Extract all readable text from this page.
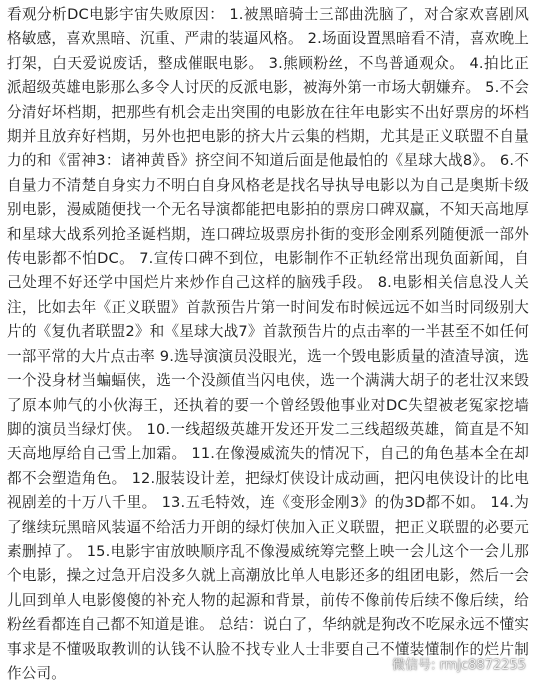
看观分析DC电影宇宙失败原因： 1.被黑暗骑士三部曲洗脑了，对合家欢喜剧风格敏感，喜欢黑暗、沉重、严肃的装逼风格。 2.场面设置黑暗看不清，喜欢晚上打架，白天爱说废话，整成催眠电影。 3.熊顾粉丝，不鸟普通观众。 4.拍比正派超级英雄电影那么多令人讨厌的反派电影，被海外第一市场大朝嫌弃。 5.不会分清好坏档期，把那些有机会走出突围的电影放在往年电影实不出好票房的坏档期并且放弃好档期，另外也把电影的挤大片云集的档期，尤其是正义联盟不自量力的和《雷神3：诸神黄昏》挤空间不知道后面是他最怕的《星球大战8》。 6.不自量力不清楚自身实力不明白自身风格老是找名导执导电影以为自己是奥斯卡级别电影，漫威随便找一个无名导演都能把电影拍的票房口碑双赢，不知天高地厚和星球大战系列抢圣诞档期，连口碑垃圾票房扑街的变形金刚系列随便派一部外传电影都不怕DC。 7.宣传口碑不到位，电影制作不正轨经常出现负面新闻，自己处理不好还学中国烂片来炒作自己这样的脑残手段。 8.电影相关信息没人关注，比如去年《正义联盟》首款预告片第一时间发布时候远远不如当时同级别大片的《复仇者联盟2》和《星球大战7》首款预告片的点击率的一半甚至不如任何一部平常的大片点击率 9.选导演演员没眼光，选一个毁电影质量的渣渣导演，选一个没身材当蝙蝠侠，选一个没颜值当闪电侠，选一个满满大胡子的老壮汉来毁了原本帅气的小伙海王，还执着的要一个曾经毁他事业对DC失望被老冤家挖墙脚的演员当绿灯侠。 10.一线超级英雄开发还开发二三线超级英雄，简直是不知天高地厚给自己雪上加霜。 11.在像漫威流失的情况下，自己的角色基本全在却都不会塑造角色。 12.服装设计差，把绿灯侠设计成动画，把闪电侠设计的比电视剧差的十万八千里。 13.五毛特效，连《变形金刚3》的伪3D都不如。 14.为了继续玩黑暗风装逼不给活力开朗的绿灯侠加入正义联盟，把正义联盟的必要元素删掉了。 15.电影宇宙放映顺序乱不像漫威统筹完整上映一会儿这个一会儿那个电影，操之过急开启没多久就上高潮放比单人电影还多的组团电影，然后一会儿回到单人电影傻傻的补充人物的起源和背景，前传不像前传后续不像后续，给粉丝看都连自己都不知道是谁。 总结：说白了，华纳就是狗改不吃屎永远不懂实事求是不懂吸取教训的认钱不认脸不找专业人士非要自己不懂装懂制作的烂片制作公司。	微信号: rmjc8872255
